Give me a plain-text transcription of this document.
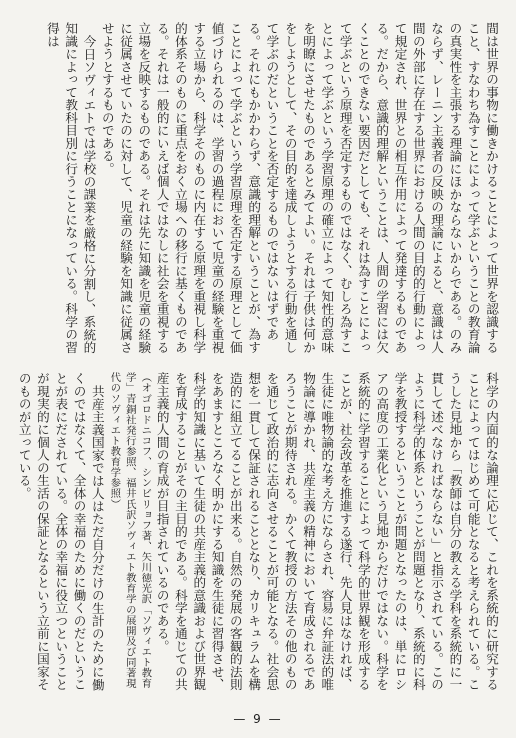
間は世界の事物に働きかけることによって世界を認識すること、すなわち為すことによって学ぶということの教育論の真実性を主張する理論にほかならないからである。のみならず、レーニン主義者の反映の理論によると、意識は人間の外部に存在する世界における人間の目的的行動によって規定され、世界との相互作用によって発達するものである。だから、意識的理解ということは、人間の学習には欠くことのできない要因だとしても、それは為すことによって学ぶという原理を否定するものではなく、むしろ為すことによって学ぶという学習原理の確立によって知性的意味を明瞭にさせたものであるとみてよい。それは子供は何かをしようとして、その目的を達成しようとする行動を通して学ぶのだということを否定するものではないはずである。それにもかかわらず、意識的理解ということが、為すことによって学ぶという学習原理を否定する原理として価値づけられるのは、学習の過程において児童の経験を重視する立場から、科学そのものに内在する原理を重視し科学的体系そのものに重点をおく立場への移行に基くものである。それは一般的にいえば個人ではなしに社会を重視する立場を反映するものである。それは先に知識を児童の経験に従属させていたのに対して、児童の経験を知識に従属させようとするものである。

今日ソヴィエトでは学校の課業を厳格に分割し、系統的知識によって教科目別に行うことになっている。科学の習得は

科学の内面的な論理に応じて、これを系統的に研究することによってはじめて可能となると考えられている。こうした見地から「教師は自分の教える学科を系統的に一貫して述べなければならない」と指示されている。このように科学的体系ということが問題となり、系統的に科学を教授するということが問題となったのは、単にロシアの高度の工業化という見地からだけではない。科学を系統的に学習することによって科学的世界観を形成することが、社会改革を推進する遂行、先人見はなければ、生徒に唯物論的な考え方にならされ、容易に弁証法的唯物論に導かれ、共産主義の精神において育成されるであろうことが期待される。かくて教授の方法その他のものを通じて政治的に志向させることが可能となる。社会思想を一貫して保証されることとなり、カリキュラムを構造的に組立てることが出来る。自然の発展の客観的法則をあますところなく明かにする知識を生徒に習得させ、科学的知識に基いて生徒の共産主義的意識および世界観を育成することがその主目的である。科学を通じての共産主義的人間の育成が目指されているのである。

（オゴロドニコフ、シンビリョフ著、矢川徳光訳「ソヴィエト教育学」青銅社発行参照、福井氏訳ソヴィエト教育学の展開及び同著現代のソヴィエト教育学参照）

共産主義国家では人はただ自分だけの生計のために働くのではなくて、全体の幸福のために働くのだということが表にだされている。全体の幸福に役立つということが現実的に個人の生活の保証となるという立前に国家そのものが立っている。

— 9 —
